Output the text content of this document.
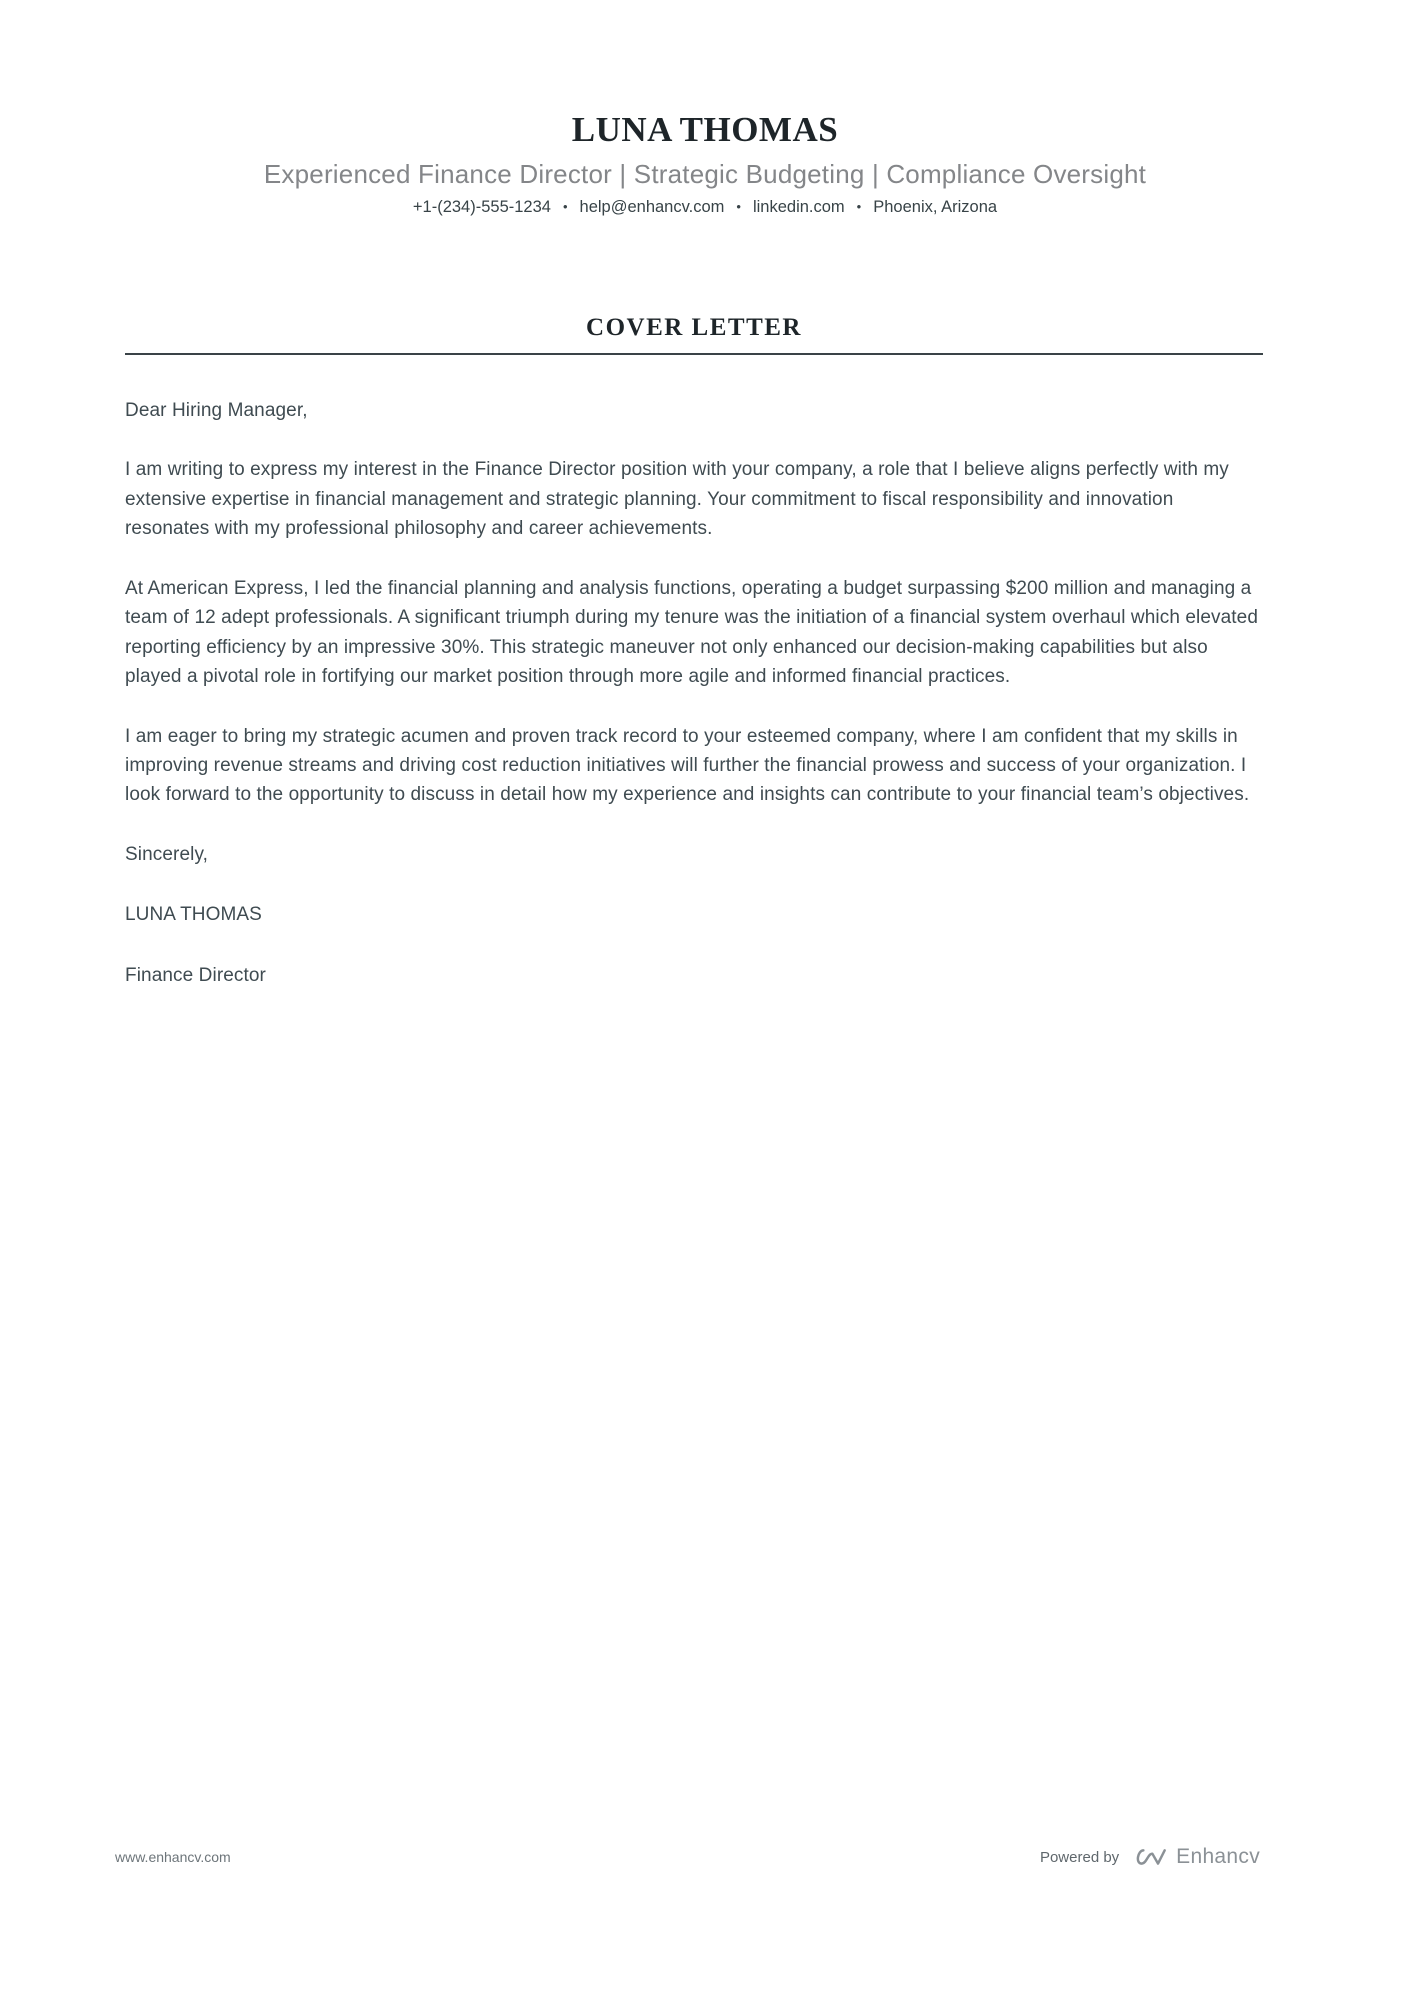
LUNA THOMAS
Experienced Finance Director | Strategic Budgeting | Compliance Oversight
+1-(234)-555-1234 • help@enhancv.com • linkedin.com • Phoenix, Arizona
COVER LETTER

Dear Hiring Manager,

I am writing to express my interest in the Finance Director position with your company, a role that I believe aligns perfectly with my extensive expertise in financial management and strategic planning. Your commitment to fiscal responsibility and innovation resonates with my professional philosophy and career achievements.

At American Express, I led the financial planning and analysis functions, operating a budget surpassing $200 million and managing a team of 12 adept professionals. A significant triumph during my tenure was the initiation of a financial system overhaul which elevated reporting efficiency by an impressive 30%. This strategic maneuver not only enhanced our decision-making capabilities but also played a pivotal role in fortifying our market position through more agile and informed financial practices.

I am eager to bring my strategic acumen and proven track record to your esteemed company, where I am confident that my skills in improving revenue streams and driving cost reduction initiatives will further the financial prowess and success of your organization. I look forward to the opportunity to discuss in detail how my experience and insights can contribute to your financial team’s objectives.

Sincerely,

LUNA THOMAS

Finance Director

www.enhancv.com	Powered by	Enhancv
